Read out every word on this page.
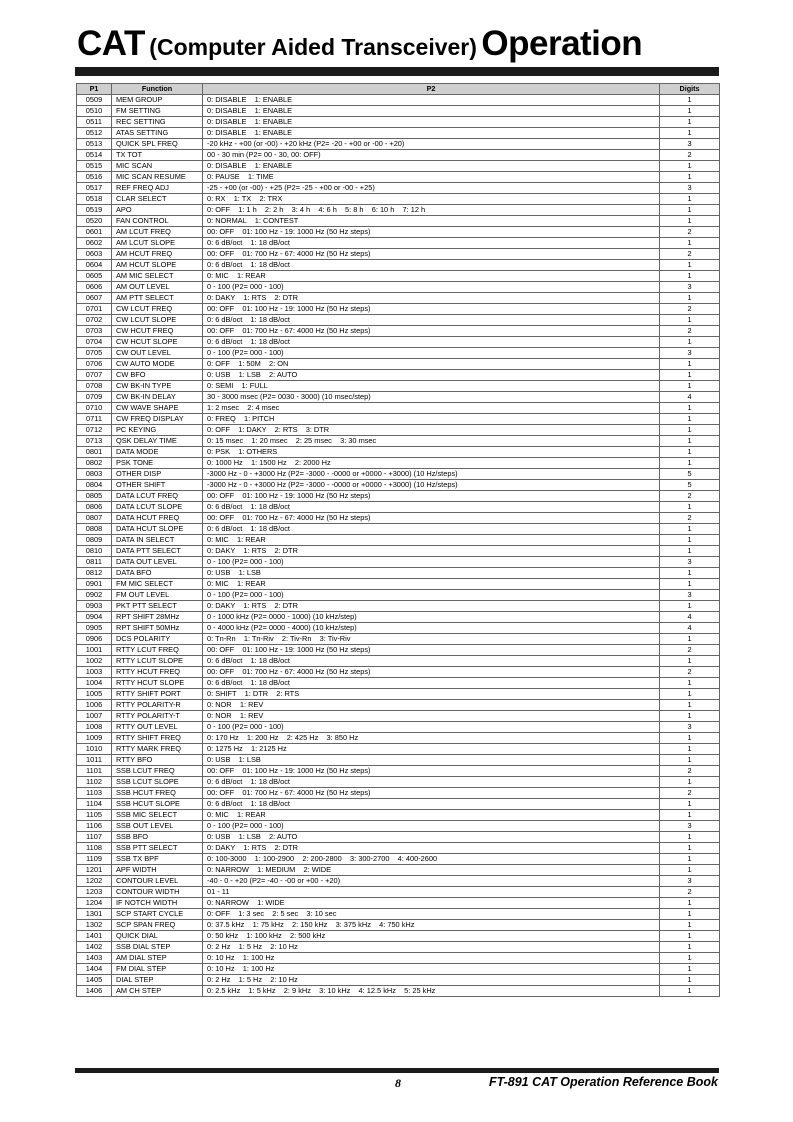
CAT (Computer Aided Transceiver) Operation
P1	Function	P2	Digits
0509	MEM GROUP	0: DISABLE    1: ENABLE	1
0510	FM SETTING	0: DISABLE    1: ENABLE	1
0511	REC SETTING	0: DISABLE    1: ENABLE	1
0512	ATAS SETTING	0: DISABLE    1: ENABLE	1
0513	QUICK SPL FREQ	-20 kHz - +00 (or -00) - +20 kHz (P2= -20 - +00 or -00 - +20)	3
0514	TX TOT	00 - 30 min (P2= 00 - 30, 00: OFF)	2
0515	MIC SCAN	0: DISABLE    1: ENABLE	1
0516	MIC SCAN RESUME	0: PAUSE    1: TIME	1
0517	REF FREQ ADJ	-25 - +00 (or -00) - +25 (P2= -25 - +00 or -00 - +25)	3
0518	CLAR SELECT	0: RX    1: TX    2: TRX	1
0519	APO	0: OFF    1: 1 h    2: 2 h    3: 4 h    4: 6 h    5: 8 h    6: 10 h    7: 12 h	1
0520	FAN CONTROL	0: NORMAL    1: CONTEST	1
0601	AM LCUT FREQ	00: OFF    01: 100 Hz - 19: 1000 Hz (50 Hz steps)	2
0602	AM LCUT SLOPE	0: 6 dB/oct    1: 18 dB/oct	1
0603	AM HCUT FREQ	00: OFF    01: 700 Hz - 67: 4000 Hz (50 Hz steps)	2
0604	AM HCUT SLOPE	0: 6 dB/oct    1: 18 dB/oct	1
0605	AM MIC SELECT	0: MIC    1: REAR	1
0606	AM OUT LEVEL	0 - 100 (P2= 000 - 100)	3
0607	AM PTT SELECT	0: DAKY    1: RTS    2: DTR	1
0701	CW LCUT FREQ	00: OFF    01: 100 Hz - 19: 1000 Hz (50 Hz steps)	2
0702	CW LCUT SLOPE	0: 6 dB/oct    1: 18 dB/oct	1
0703	CW HCUT FREQ	00: OFF    01: 700 Hz - 67: 4000 Hz (50 Hz steps)	2
0704	CW HCUT SLOPE	0: 6 dB/oct    1: 18 dB/oct	1
0705	CW OUT LEVEL	0 - 100 (P2= 000 - 100)	3
0706	CW AUTO MODE	0: OFF    1: 50M    2: ON	1
0707	CW BFO	0: USB    1: LSB    2: AUTO	1
0708	CW BK-IN TYPE	0: SEMI    1: FULL	1
0709	CW BK-IN DELAY	30 - 3000 msec (P2= 0030 - 3000) (10 msec/step)	4
0710	CW WAVE SHAPE	1: 2 msec    2: 4 msec	1
0711	CW FREQ DISPLAY	0: FREQ    1: PITCH	1
0712	PC KEYING	0: OFF    1: DAKY    2: RTS    3: DTR	1
0713	QSK DELAY TIME	0: 15 msec    1: 20 msec    2: 25 msec    3: 30 msec	1
0801	DATA MODE	0: PSK    1: OTHERS	1
0802	PSK TONE	0: 1000 Hz    1: 1500 Hz    2: 2000 Hz	1
0803	OTHER DISP	-3000 Hz - 0 - +3000 Hz (P2= -3000 - -0000 or +0000 - +3000) (10 Hz/steps)	5
0804	OTHER SHIFT	-3000 Hz - 0 - +3000 Hz (P2= -3000 - -0000 or +0000 - +3000) (10 Hz/steps)	5
0805	DATA LCUT FREQ	00: OFF    01: 100 Hz - 19: 1000 Hz (50 Hz steps)	2
0806	DATA LCUT SLOPE	0: 6 dB/oct    1: 18 dB/oct	1
0807	DATA HCUT FREQ	00: OFF    01: 700 Hz - 67: 4000 Hz (50 Hz steps)	2
0808	DATA HCUT SLOPE	0: 6 dB/oct    1: 18 dB/oct	1
0809	DATA IN SELECT	0: MIC    1: REAR	1
0810	DATA PTT SELECT	0: DAKY    1: RTS    2: DTR	1
0811	DATA OUT LEVEL	0 - 100 (P2= 000 - 100)	3
0812	DATA BFO	0: USB    1: LSB	1
0901	FM MIC SELECT	0: MIC    1: REAR	1
0902	FM OUT LEVEL	0 - 100 (P2= 000 - 100)	3
0903	PKT PTT SELECT	0: DAKY    1: RTS    2: DTR	1
0904	RPT SHIFT 28MHz	0 - 1000 kHz (P2= 0000 - 1000) (10 kHz/step)	4
0905	RPT SHIFT 50MHz	0 - 4000 kHz (P2= 0000 - 4000) (10 kHz/step)	4
0906	DCS POLARITY	0: Tn-Rn    1: Tn-Riv    2: Tiv-Rn    3: Tiv-Riv	1
1001	RTTY LCUT FREQ	00: OFF    01: 100 Hz - 19: 1000 Hz (50 Hz steps)	2
1002	RTTY LCUT SLOPE	0: 6 dB/oct    1: 18 dB/oct	1
1003	RTTY HCUT FREQ	00: OFF    01: 700 Hz - 67: 4000 Hz (50 Hz steps)	2
1004	RTTY HCUT SLOPE	0: 6 dB/oct    1: 18 dB/oct	1
1005	RTTY SHIFT PORT	0: SHIFT    1: DTR    2: RTS	1
1006	RTTY POLARITY-R	0: NOR    1: REV	1
1007	RTTY POLARITY-T	0: NOR    1: REV	1
1008	RTTY OUT LEVEL	0 - 100 (P2= 000 - 100)	3
1009	RTTY SHIFT FREQ	0: 170 Hz    1: 200 Hz    2: 425 Hz    3: 850 Hz	1
1010	RTTY MARK FREQ	0: 1275 Hz    1: 2125 Hz	1
1011	RTTY BFO	0: USB    1: LSB	1
1101	SSB LCUT FREQ	00: OFF    01: 100 Hz - 19: 1000 Hz (50 Hz steps)	2
1102	SSB LCUT SLOPE	0: 6 dB/oct    1: 18 dB/oct	1
1103	SSB HCUT FREQ	00: OFF    01: 700 Hz - 67: 4000 Hz (50 Hz steps)	2
1104	SSB HCUT SLOPE	0: 6 dB/oct    1: 18 dB/oct	1
1105	SSB MIC SELECT	0: MIC    1: REAR	1
1106	SSB OUT LEVEL	0 - 100 (P2= 000 - 100)	3
1107	SSB BFO	0: USB    1: LSB    2: AUTO	1
1108	SSB PTT SELECT	0: DAKY    1: RTS    2: DTR	1
1109	SSB TX BPF	0: 100-3000    1: 100-2900    2: 200-2800    3: 300-2700    4: 400-2600	1
1201	APF WIDTH	0: NARROW    1: MEDIUM    2: WIDE	1
1202	CONTOUR LEVEL	-40 - 0 - +20 (P2= -40 - -00 or +00 - +20)	3
1203	CONTOUR WIDTH	01 - 11	2
1204	IF NOTCH WIDTH	0: NARROW    1: WIDE	1
1301	SCP START CYCLE	0: OFF    1: 3 sec    2: 5 sec    3: 10 sec	1
1302	SCP SPAN FREQ	0: 37.5 kHz    1: 75 kHz    2: 150 kHz    3: 375 kHz    4: 750 kHz	1
1401	QUICK DIAL	0: 50 kHz    1: 100 kHz    2: 500 kHz	1
1402	SSB DIAL STEP	0: 2 Hz    1: 5 Hz    2: 10 Hz	1
1403	AM DIAL STEP	0: 10 Hz    1: 100 Hz	1
1404	FM DIAL STEP	0: 10 Hz    1: 100 Hz	1
1405	DIAL STEP	0: 2 Hz    1: 5 Hz    2: 10 Hz	1
1406	AM CH STEP	0: 2.5 kHz    1: 5 kHz    2: 9 kHz    3: 10 kHz    4: 12.5 kHz    5: 25 kHz	1
8	FT-891 CAT Operation Reference Book
